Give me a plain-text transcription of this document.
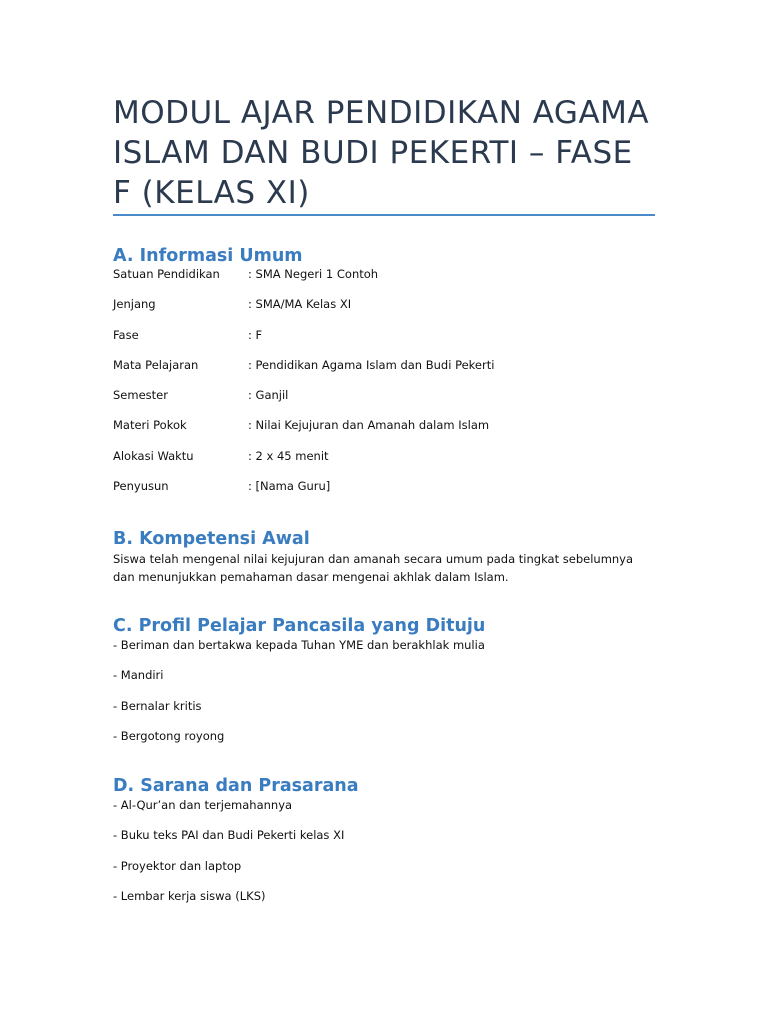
MODUL AJAR PENDIDIKAN AGAMA ISLAM DAN BUDI PEKERTI – FASE F (KELAS XI)
A. Informasi Umum
Satuan Pendidikan : SMA Negeri 1 Contoh
Jenjang	: SMA/MA Kelas XI
Fase	: F
Mata Pelajaran	: Pendidikan Agama Islam dan Budi Pekerti
Semester	: Ganjil
Materi Pokok	: Nilai Kejujuran dan Amanah dalam Islam
Alokasi Waktu	: 2 x 45 menit
Penyusun	: [Nama Guru]
B. Kompetensi Awal

Siswa telah mengenal nilai kejujuran dan amanah secara umum pada tingkat sebelumnya dan menunjukkan pemahaman dasar mengenai akhlak dalam Islam.

C. Profil Pelajar Pancasila yang Dituju
- Beriman dan bertakwa kepada Tuhan YME dan berakhlak mulia
- Mandiri
- Bernalar kritis
- Bergotong royong
D. Sarana dan Prasarana
- Al-Qur’an dan terjemahannya
- Buku teks PAI dan Budi Pekerti kelas XI
- Proyektor dan laptop
- Lembar kerja siswa (LKS)
